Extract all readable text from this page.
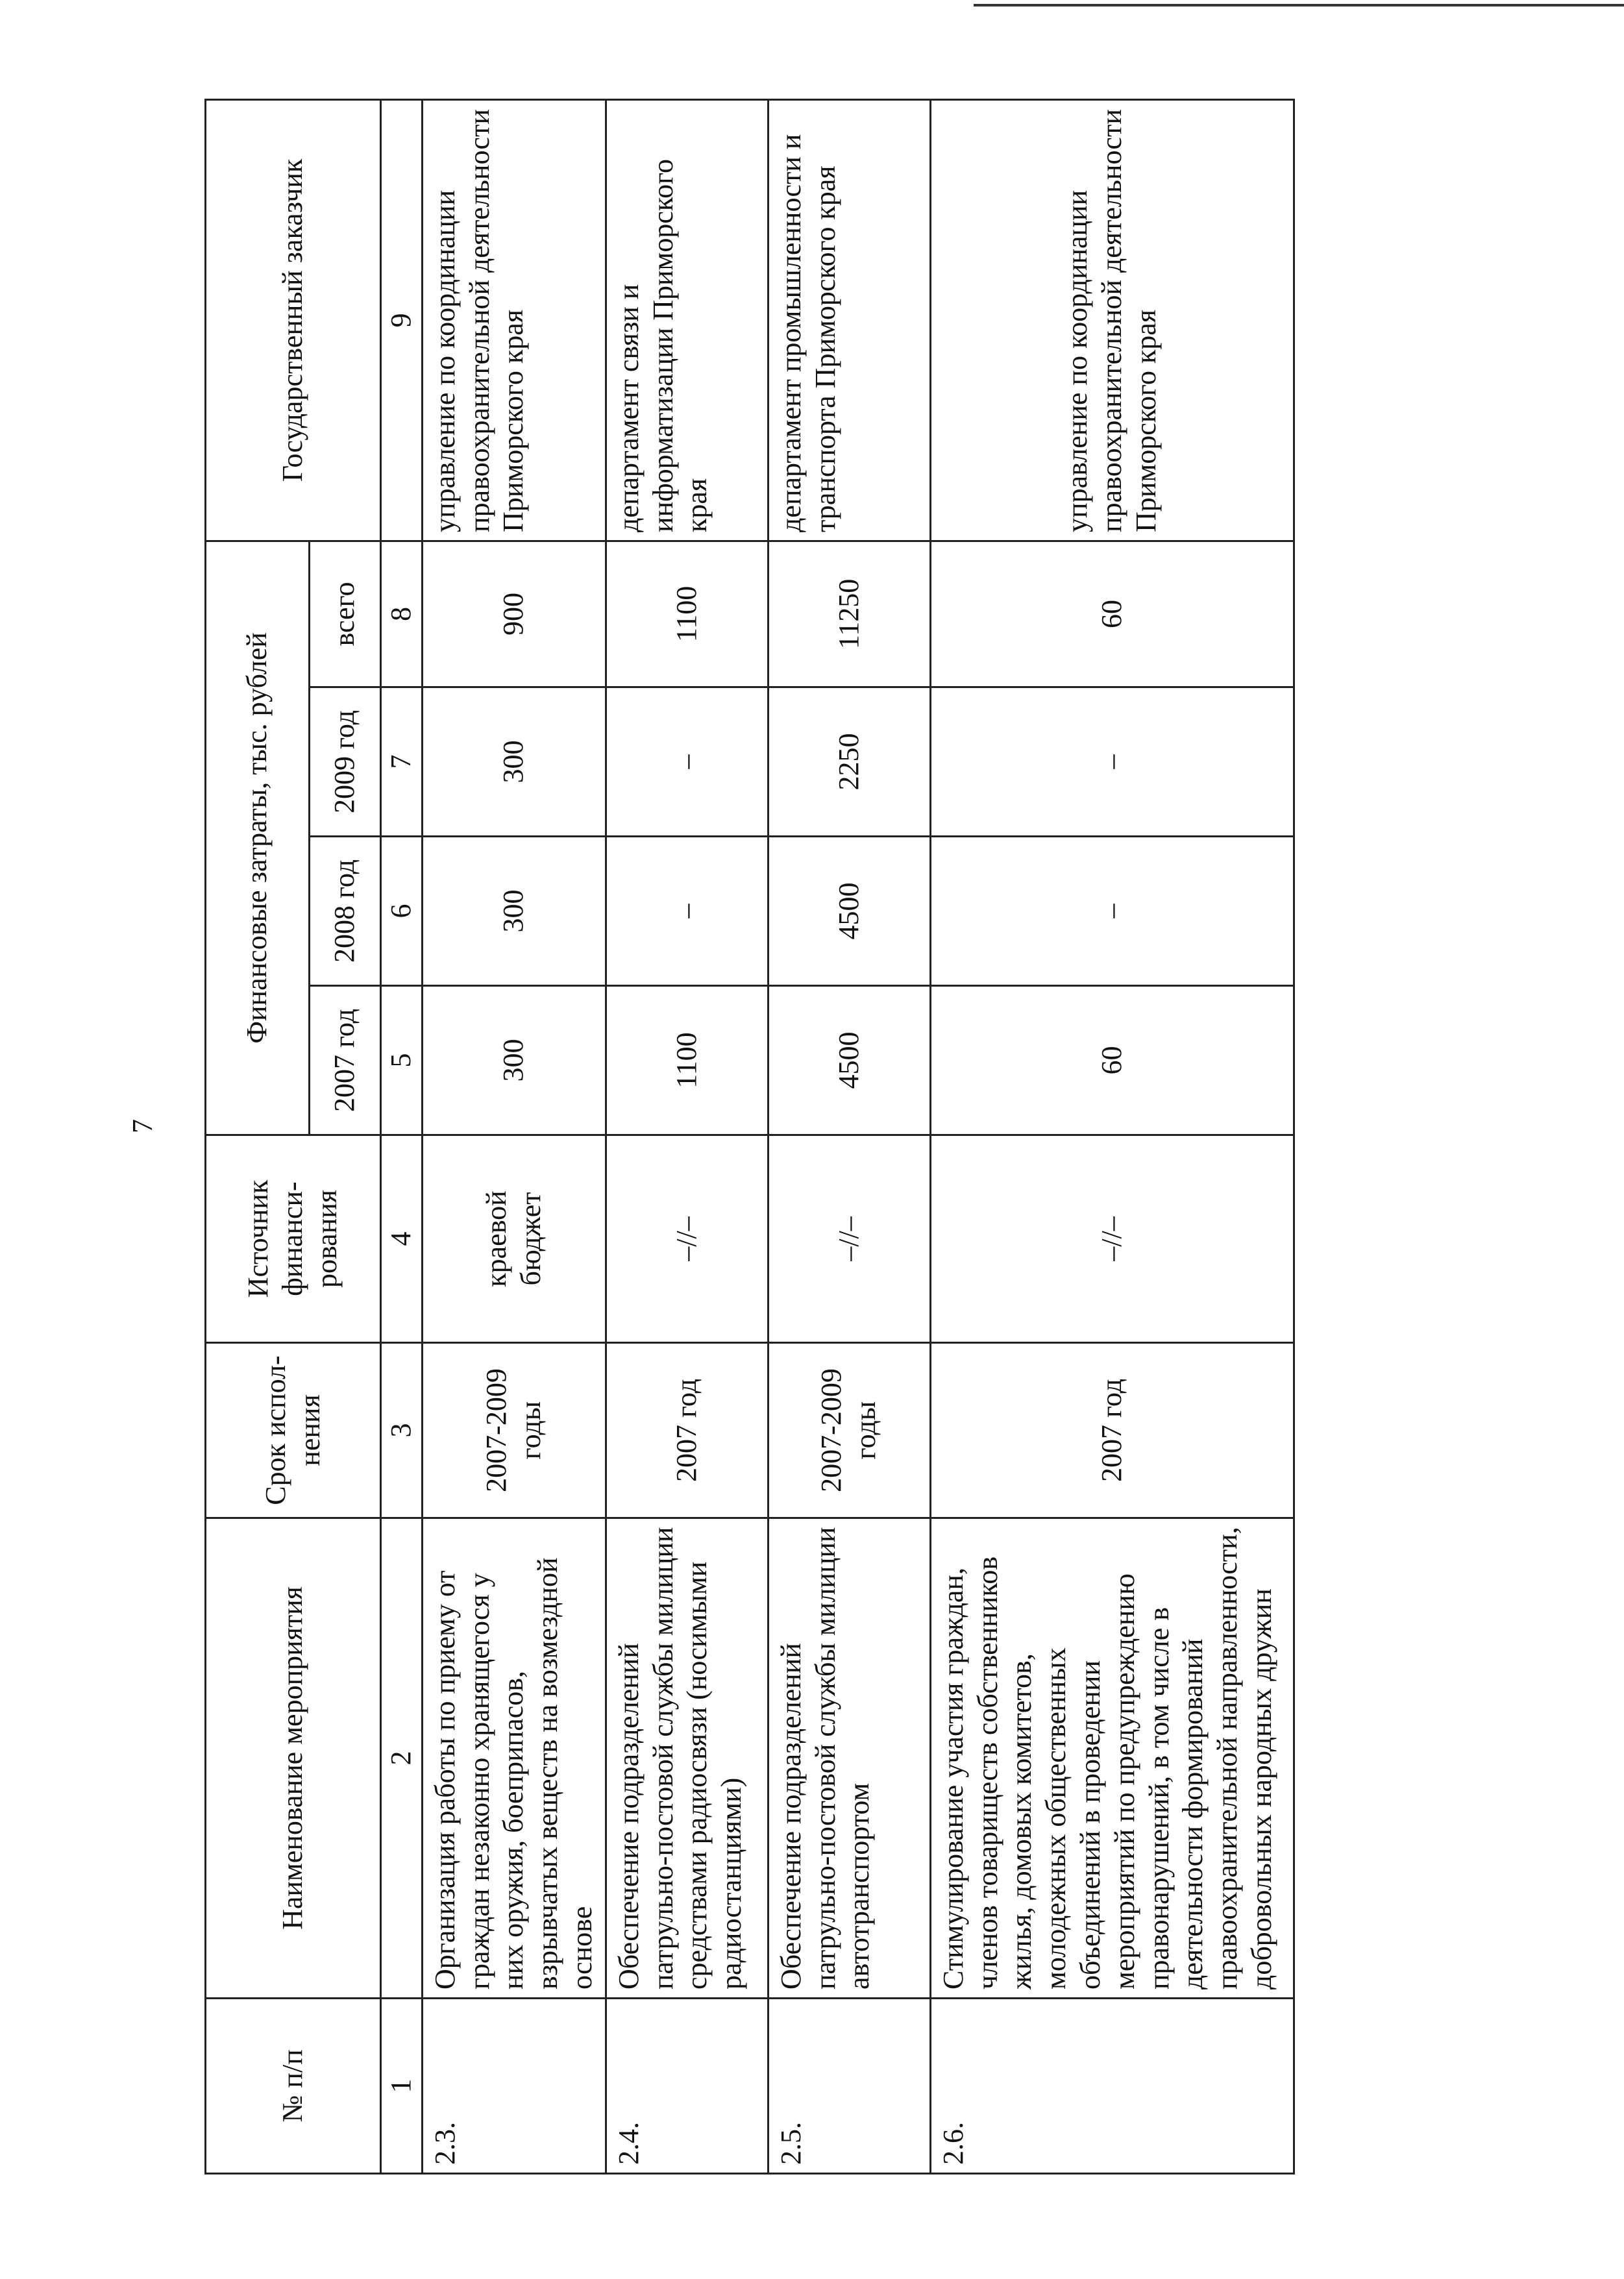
7
№ п/п	Наименование мероприятия	Срок испол-нения	Источник финанси-рования	Финансовые затраты, тыс. рублей				Государственный заказчик
				2007 год	2008 год	2009 год	всего	
1	2	3	4	5	6	7	8	9
2.3.	Организация работы по приему от граждан незаконно хранящегося у них оружия, боеприпасов, взрывчатых веществ на возмездной основе	2007-2009 годы	краевой бюджет	300	300	300	900	управление по координации правоохранительной деятельности Приморского края
2.4.	Обеспечение подразделений патрульно-постовой службы милиции средствами радиосвязи (носимыми радиостанциями)	2007 год	–//–	1100	–	–	1100	департамент связи и информатизации Приморского края
2.5.	Обеспечение подразделений патрульно-постовой службы милиции автотранспортом	2007-2009 годы	–//–	4500	4500	2250	11250	департамент промышленности и транспорта Приморского края
2.6.	Стимулирование участия граждан, членов товариществ собственников жилья, домовых комитетов, молодежных общественных объединений в проведении мероприятий по предупреждению правонарушений, в том числе в деятельности формирований правоохранительной направленности, добровольных народных дружин	2007 год	–//–	60	–	–	60	управление по координации правоохранительной деятельности Приморского края
